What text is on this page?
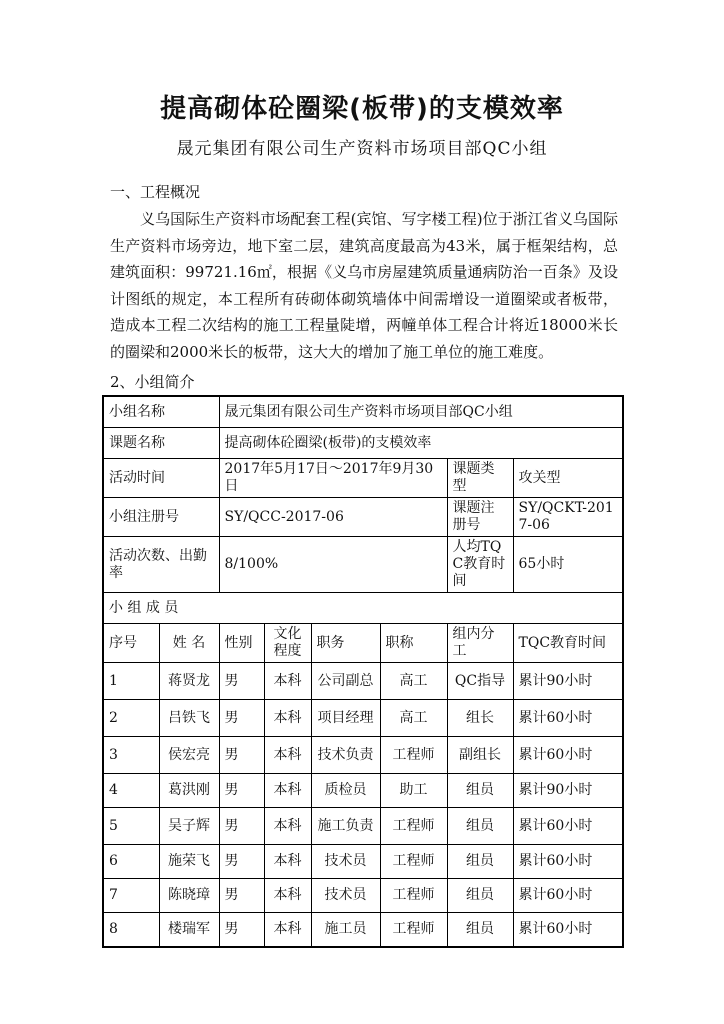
提高砌体砼圈梁(板带)的支模效率
晟元集团有限公司生产资料市场项目部QC小组
一、工程概况
义乌国际生产资料市场配套工程(宾馆、写字楼工程)位于浙江省义乌国际生产资料市场旁边，地下室二层，建筑高度最高为43米，属于框架结构，总建筑面积：99721.16㎡，根据《义乌市房屋建筑质量通病防治一百条》及设计图纸的规定，本工程所有砖砌体砌筑墙体中间需增设一道圈梁或者板带，造成本工程二次结构的施工工程量陡增，两幢单体工程合计将近18000米长的圈梁和2000米长的板带，这大大的增加了施工单位的施工难度。
2、小组简介
小组名称		晟元集团有限公司生产资料市场项目部QC小组					
课题名称		提高砌体砼圈梁(板带)的支模效率					
活动时间		2017年5月17日～2017年9月30日				课题类型	攻关型
小组注册号		SY/QCC-2017-06				课题注册号	SY/QCKT-2017-06
活动次数、出勤率		8/100%				人均TQC教育时间	65小时
小 组 成 员							
序号	姓 名	性别	文化程度	职务	职称	组内分工	TQC教育时间
1	蒋贤龙	男	本科	公司副总	高工	QC指导	累计90小时
2	吕铁飞	男	本科	项目经理	高工	组长	累计60小时
3	侯宏亮	男	本科	技术负责	工程师	副组长	累计60小时
4	葛洪刚	男	本科	质检员	助工	组员	累计90小时
5	吴子辉	男	本科	施工负责	工程师	组员	累计60小时
6	施荣飞	男	本科	技术员	工程师	组员	累计60小时
7	陈晓璋	男	本科	技术员	工程师	组员	累计60小时
8	楼瑞军	男	本科	施工员	工程师	组员	累计60小时
